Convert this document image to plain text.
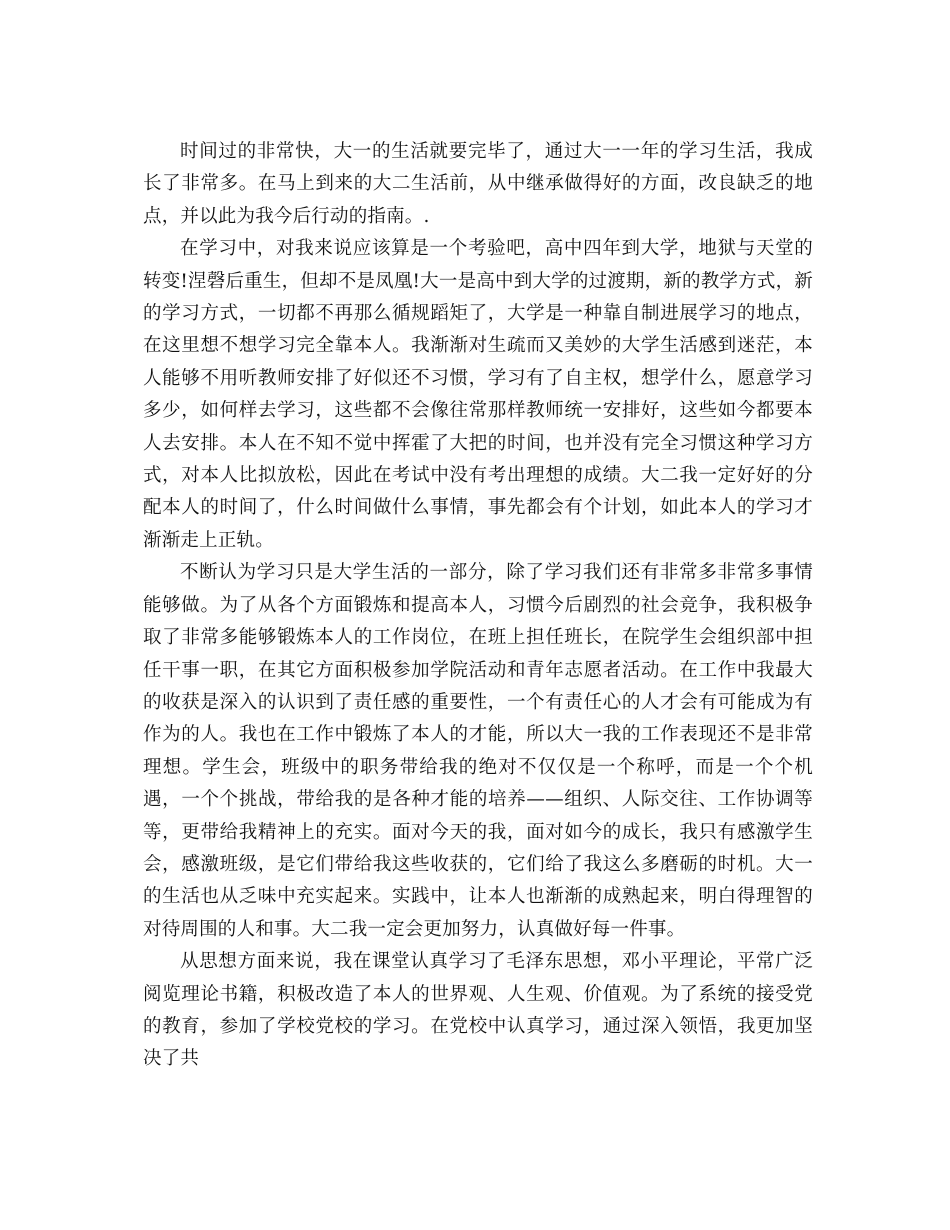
时间过的非常快，大一的生活就要完毕了，通过大一一年的学习生活，我成长了非常多。在马上到来的大二生活前，从中继承做得好的方面，改良缺乏的地点，并以此为我今后行动的指南。.

在学习中，对我来说应该算是一个考验吧，高中四年到大学，地狱与天堂的转变!涅磬后重生，但却不是凤凰!大一是高中到大学的过渡期，新的教学方式，新的学习方式，一切都不再那么循规蹈矩了，大学是一种靠自制进展学习的地点，在这里想不想学习完全靠本人。我渐渐对生疏而又美妙的大学生活感到迷茫，本人能够不用听教师安排了好似还不习惯，学习有了自主权，想学什么，愿意学习多少，如何样去学习，这些都不会像往常那样教师统一安排好，这些如今都要本人去安排。本人在不知不觉中挥霍了大把的时间，也并没有完全习惯这种学习方式，对本人比拟放松，因此在考试中没有考出理想的成绩。大二我一定好好的分配本人的时间了，什么时间做什么事情，事先都会有个计划，如此本人的学习才渐渐走上正轨。

不断认为学习只是大学生活的一部分，除了学习我们还有非常多非常多事情能够做。为了从各个方面锻炼和提高本人，习惯今后剧烈的社会竞争，我积极争取了非常多能够锻炼本人的工作岗位，在班上担任班长，在院学生会组织部中担任干事一职，在其它方面积极参加学院活动和青年志愿者活动。在工作中我最大的收获是深入的认识到了责任感的重要性，一个有责任心的人才会有可能成为有作为的人。我也在工作中锻炼了本人的才能，所以大一我的工作表现还不是非常理想。学生会，班级中的职务带给我的绝对不仅仅是一个称呼，而是一个个机遇，一个个挑战，带给我的是各种才能的培养——组织、人际交往、工作协调等等，更带给我精神上的充实。面对今天的我，面对如今的成长，我只有感激学生会，感激班级，是它们带给我这些收获的，它们给了我这么多磨砺的时机。大一的生活也从乏味中充实起来。实践中，让本人也渐渐的成熟起来，明白得理智的对待周围的人和事。大二我一定会更加努力，认真做好每一件事。

从思想方面来说，我在课堂认真学习了毛泽东思想，邓小平理论，平常广泛阅览理论书籍，积极改造了本人的世界观、人生观、价值观。为了系统的接受党的教育，参加了学校党校的学习。在党校中认真学习，通过深入领悟，我更加坚决了共
